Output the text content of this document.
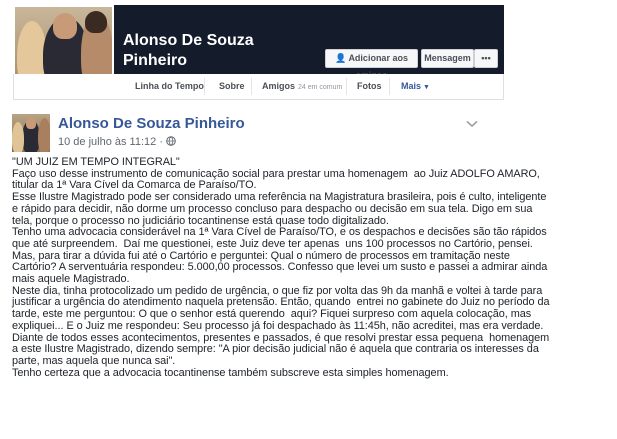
Alonso De Souza
Pinheiro	👤 Adicionar aos	Mensagem	•••
Linha do Tempo Sobre Amigos 24 em comum Fotos Mais ▼
Alonso De Souza Pinheiro
10 de julho às 11:12 ·
"UM JUIZ EM TEMPO INTEGRAL"
Faço uso desse instrumento de comunicação social para prestar uma homenagem  ao Juiz ADOLFO AMARO,
titular da 1ª Vara Cível da Comarca de Paraíso/TO.
Esse Ilustre Magistrado pode ser considerado uma referência na Magistratura brasileira, pois é culto, inteligente
e rápido para decidir, não dorme um processo concluso para despacho ou decisão em sua tela. Digo em sua
tela, porque o processo no judiciário tocantinense está quase todo digitalizado.
Tenho uma advocacia considerável na 1ª Vara Cível de Paraíso/TO, e os despachos e decisões são tão rápidos
que até surpreendem.  Daí me questionei, este Juiz deve ter apenas  uns 100 processos no Cartório, pensei.
Mas, para tirar a dúvida fui até o Cartório e perguntei: Qual o número de processos em tramitação neste
Cartório? A serventuária respondeu: 5.000,00 processos. Confesso que levei um susto e passei a admirar ainda
mais aquele Magistrado.
Neste dia, tinha protocolizado um pedido de urgência, o que fiz por volta das 9h da manhã e voltei à tarde para
justificar a urgência do atendimento naquela pretensão. Então, quando  entrei no gabinete do Juiz no período da
tarde, este me perguntou: O que o senhor está querendo  aqui? Fiquei surpreso com aquela colocação, mas
expliquei... E o Juiz me respondeu: Seu processo já foi despachado às 11:45h, não acreditei, mas era verdade.
Diante de todos esses acontecimentos, presentes e passados, é que resolvi prestar essa pequena  homenagem
a este Ilustre Magistrado, dizendo sempre: "A pior decisão judicial não é aquela que contraria os interesses da
parte, mas aquela que nunca sai".
Tenho certeza que a advocacia tocantinense também subscreve esta simples homenagem.
